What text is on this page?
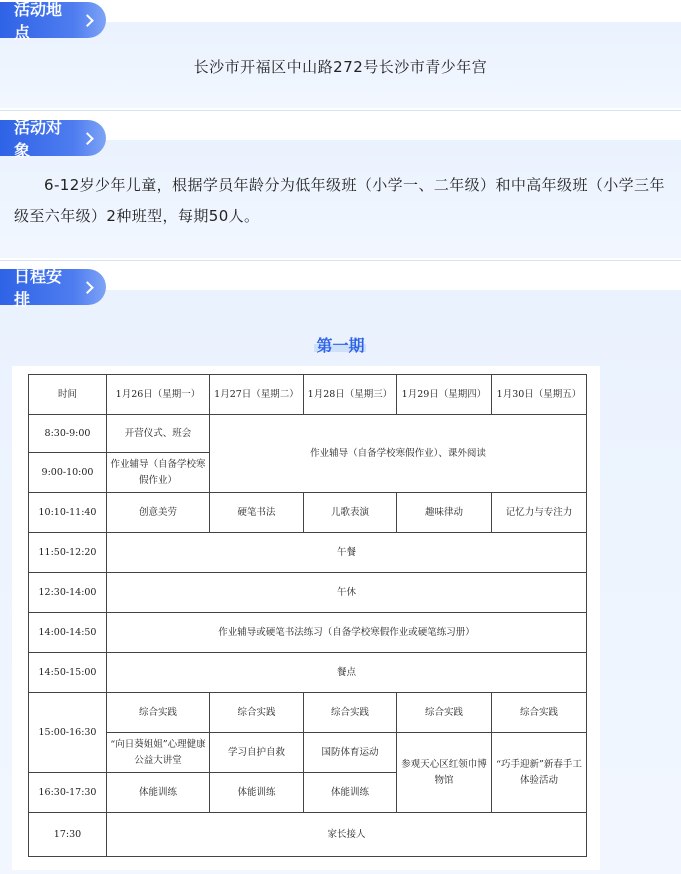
活动地点
长沙市开福区中山路272号长沙市青少年宫
活动对象
6-12岁少年儿童，根据学员年龄分为低年级班（小学一、二年级）和中高年级班（小学三年级至六年级）2种班型，每期50人。
日程安排
第一期
时间	1月26日（星期一）	1月27日（星期二）	1月28日（星期三）	1月29日（星期四）	1月30日（星期五）
8:30-9:00	开营仪式、班会	作业辅导（自备学校寒假作业）、课外阅读			
9:00-10:00	作业辅导（自备学校寒假作业）				
10:10-11:40	创意美劳	硬笔书法	儿歌表演	趣味律动	记忆力与专注力
11:50-12:20	午餐				
12:30-14:00	午休				
14:00-14:50	作业辅导或硬笔书法练习（自备学校寒假作业或硬笔练习册）				
14:50-15:00	餐点				
15:00-16:30	综合实践	综合实践	综合实践	综合实践	综合实践
	“向日葵姐姐”心理健康公益大讲堂	学习自护自救	国防体育运动	参观天心区红领巾博物馆	“巧手迎新”新春手工体验活动
16:30-17:30	体能训练	体能训练	体能训练		
17:30	家长接人				
